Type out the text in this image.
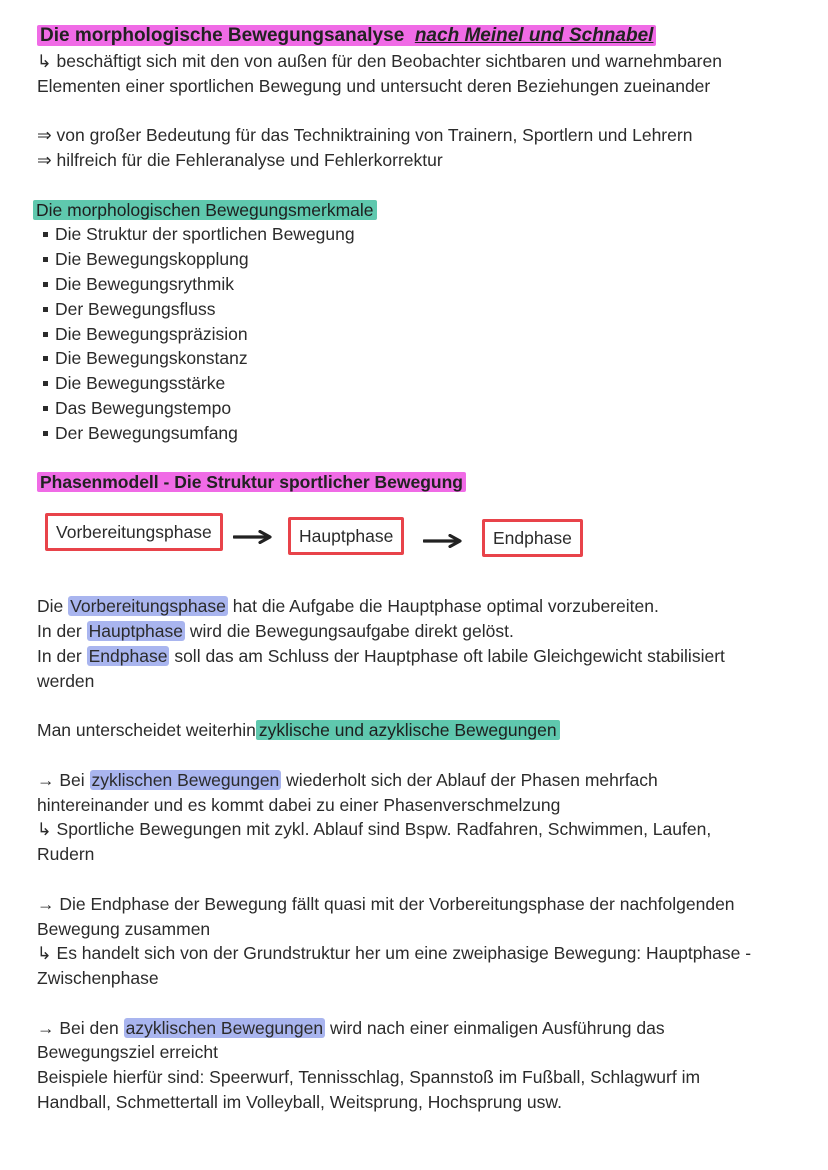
Die morphologische Bewegungsanalyse nach Meinel und Schnabel
↳ beschäftigt sich mit den von außen für den Beobachter sichtbaren und warnehmbaren
Elementen einer sportlichen Bewegung und untersucht deren Beziehungen zueinander
⇒ von großer Bedeutung für das Techniktraining von Trainern, Sportlern und Lehrern
⇒ hilfreich für die Fehleranalyse und Fehlerkorrektur
Die morphologischen Bewegungsmerkmale
Die Struktur der sportlichen Bewegung
Die Bewegungskopplung
Die Bewegungsrythmik
Der Bewegungsfluss
Die Bewegungspräzision
Die Bewegungskonstanz
Die Bewegungsstärke
Das Bewegungstempo
Der Bewegungsumfang
Phasenmodell - Die Struktur sportlicher Bewegung
Vorbereitungsphase	Hauptphase	Endphase
Die Vorbereitungsphase hat die Aufgabe die Hauptphase optimal vorzubereiten.
In der Hauptphase wird die Bewegungsaufgabe direkt gelöst.
In der Endphase soll das am Schluss der Hauptphase oft labile Gleichgewicht stabilisiert
werden
Man unterscheidet weiterhin zyklische und azyklische Bewegungen
→ Bei zyklischen Bewegungen wiederholt sich der Ablauf der Phasen mehrfach
hintereinander und es kommt dabei zu einer Phasenverschmelzung
↳ Sportliche Bewegungen mit zykl. Ablauf sind Bspw. Radfahren, Schwimmen, Laufen,
Rudern
→ Die Endphase der Bewegung fällt quasi mit der Vorbereitungsphase der nachfolgenden
Bewegung zusammen
↳ Es handelt sich von der Grundstruktur her um eine zweiphasige Bewegung: Hauptphase -
Zwischenphase
→ Bei den azyklischen Bewegungen wird nach einer einmaligen Ausführung das
Bewegungsziel erreicht
Beispiele hierfür sind: Speerwurf, Tennisschlag, Spannstoß im Fußball, Schlagwurf im
Handball, Schmettertall im Volleyball, Weitsprung, Hochsprung usw.
